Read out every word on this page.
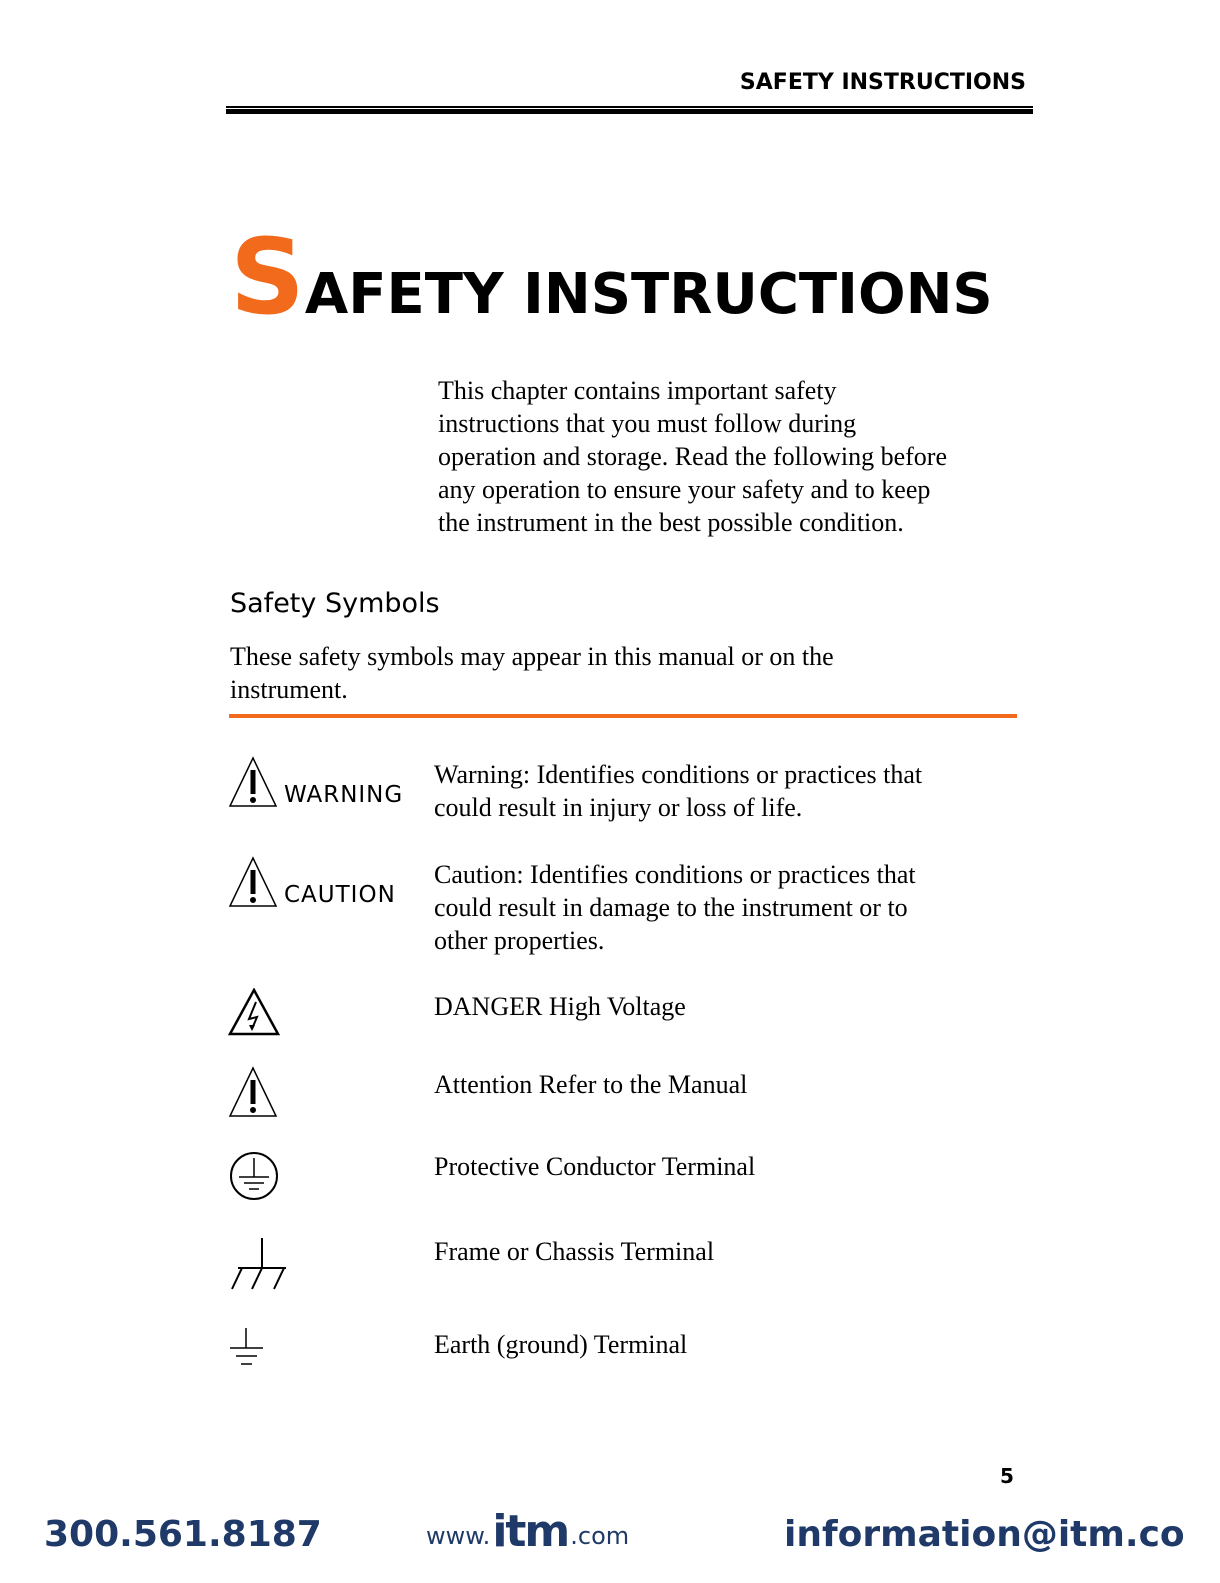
SAFETY INSTRUCTIONS
SAFETY INSTRUCTIONS
This chapter contains important safety
instructions that you must follow during
operation and storage. Read the following before
any operation to ensure your safety and to keep
the instrument in the best possible condition.
Safety Symbols
These safety symbols may appear in this manual or on the
instrument.
WARNING
Warning: Identifies conditions or practices that
could result in injury or loss of life.
CAUTION
Caution: Identifies conditions or practices that
could result in damage to the instrument or to
other properties.
DANGER High Voltage
Attention Refer to the Manual
Protective Conductor Terminal
Frame or Chassis Terminal
Earth (ground) Terminal
5
300.561.8187	www. itm .com	information@itm.co
